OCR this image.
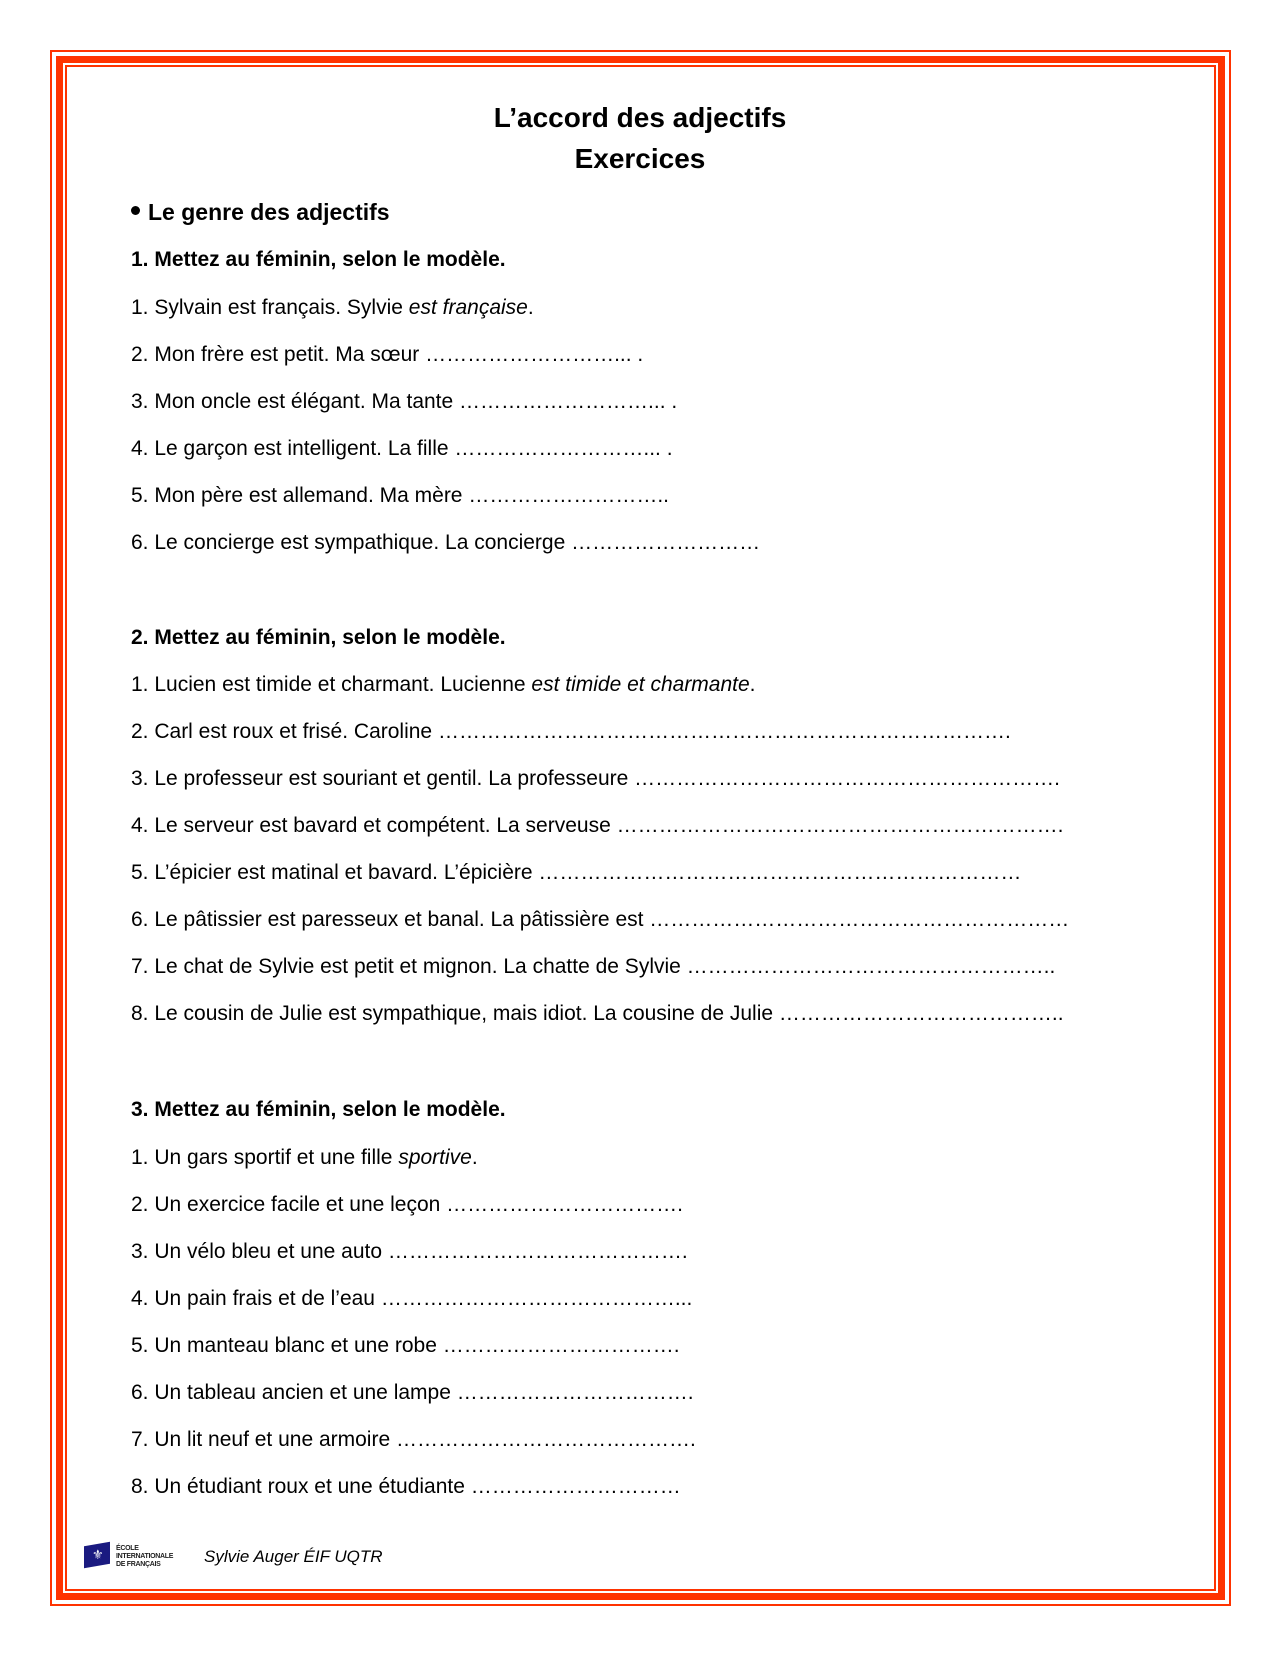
L’accord des adjectifs
Exercices
Le genre des adjectifs
1. Mettez au féminin, selon le modèle.
1. Sylvain est français. Sylvie est française.
2. Mon frère est petit. Ma sœur ………………………... .
3. Mon oncle est élégant. Ma tante ………………………... .
4. Le garçon est intelligent. La fille ………………………... .
5. Mon père est allemand. Ma mère ………………………..
6. Le concierge est sympathique. La concierge ………………………
2. Mettez au féminin, selon le modèle.
1. Lucien est timide et charmant. Lucienne est timide et charmante.
2. Carl est roux et frisé. Caroline ……………………………………………………………………….
3. Le professeur est souriant et gentil. La professeure …………………………………………………….
4. Le serveur est bavard et compétent. La serveuse ……………………………………………………….
5. L’épicier est matinal et bavard. L’épicière ……………………………………………………………
6. Le pâtissier est paresseux et banal. La pâtissière est ……………………………………………………
7. Le chat de Sylvie est petit et mignon. La chatte de Sylvie ……………………………………………..
8. Le cousin de Julie est sympathique, mais idiot. La cousine de Julie …………………………………..
3. Mettez au féminin, selon le modèle.
1. Un gars sportif et une fille sportive.
2. Un exercice facile et une leçon …………………………….
3. Un vélo bleu et une auto …………………………………….
4. Un pain frais et de l’eau ……………………………………...
5. Un manteau blanc et une robe …………………………….
6. Un tableau ancien et une lampe …………………………….
7. Un lit neuf et une armoire …………………………………….
8. Un étudiant roux et une étudiante …………………………
⚜ ÉCOLE INTERNATIONALE DE FRANÇAIS	Sylvie Auger ÉIF UQTR
